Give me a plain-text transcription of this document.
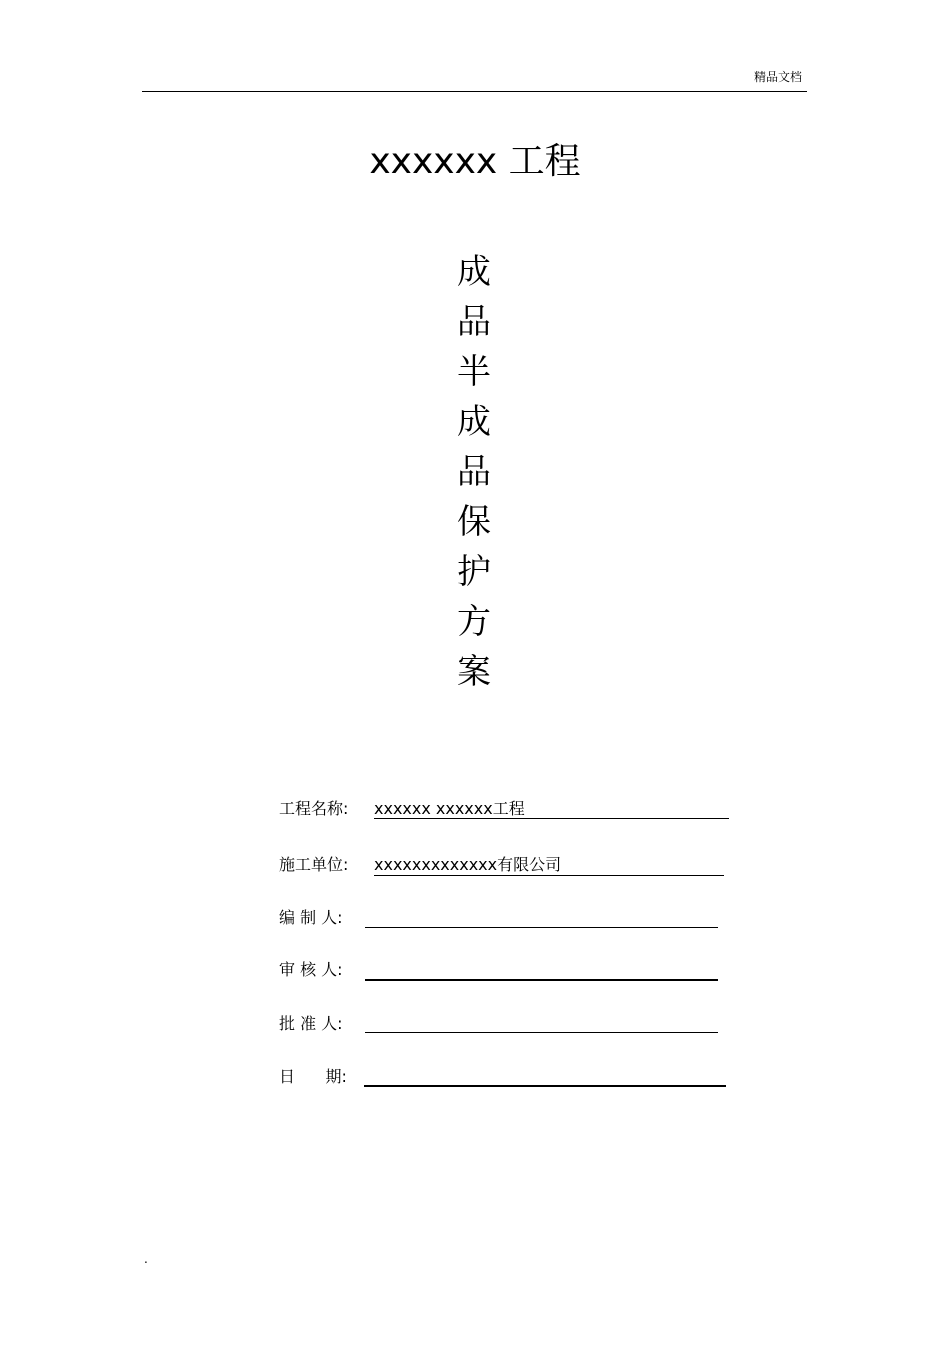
精品文档
xxxxxx 工程
成
品
半
成
品
保
护
方
案
工程名称: xxxxxx xxxxxx工程
施工单位: xxxxxxxxxxxxx有限公司
编 制 人:
审 核 人:
批 准 人:
日      期:
.
